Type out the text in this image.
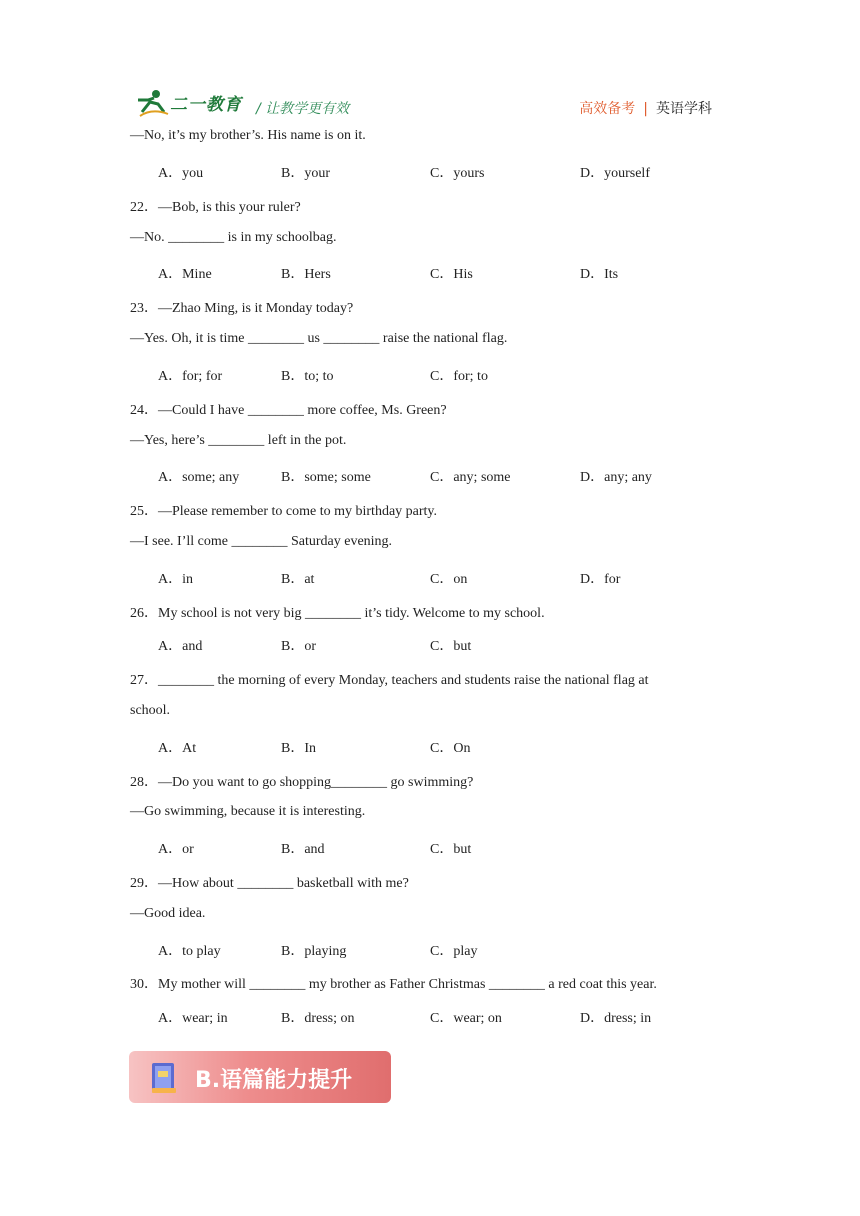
二一教育 / 让教学更有效	高效备考 | 英语学科
—No, it’s my brother’s. His name is on it.
A．you	B．your	C．yours	D．yourself
22．—Bob, is this your ruler?
—No. ________ is in my schoolbag.
A．Mine	B．Hers	C．His	D．Its
23．—Zhao Ming, is it Monday today?
—Yes. Oh, it is time ________ us ________ raise the national flag.
A．for; for	B．to; to	C．for; to
24．—Could I have ________ more coffee, Ms. Green?
—Yes, here’s ________ left in the pot.
A．some; any	B．some; some	C．any; some	D．any; any
25．—Please remember to come to my birthday party.
—I see. I’ll come ________ Saturday evening.
A．in	B．at	C．on	D．for
26．My school is not very big ________ it’s tidy. Welcome to my school.
A．and	B．or	C．but
27．________ the morning of every Monday, teachers and students raise the national flag at
school.
A．At	B．In	C．On
28．—Do you want to go shopping________ go swimming?
—Go swimming, because it is interesting.
A．or	B．and	C．but
29．—How about ________ basketball with me?
—Good idea.
A．to play	B．playing	C．play
30．My mother will ________ my brother as Father Christmas ________ a red coat this year.
A．wear; in	B．dress; on	C．wear; on	D．dress; in
B.语篇能力提升
